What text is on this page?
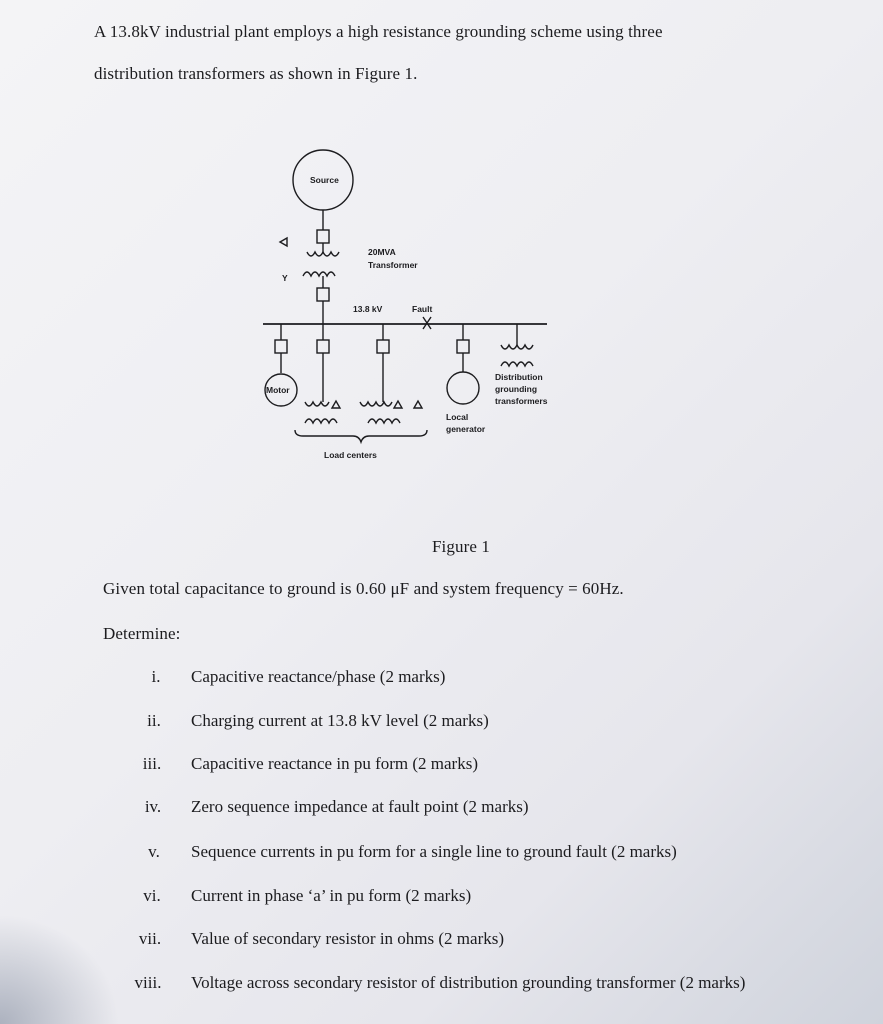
A 13.8kV industrial plant employs a high resistance grounding scheme using three
distribution transformers as shown in Figure 1.
Source
20MVA
Transformer
Y
13.8 kV	Fault
Motor
Distribution
grounding
transformers
Local
generator
Load centers
Figure 1
Given total capacitance to ground is 0.60 μF and system frequency = 60Hz.
Determine:
i.	Capacitive reactance/phase (2 marks)
ii.	Charging current at 13.8 kV level (2 marks)
iii.	Capacitive reactance in pu form (2 marks)
iv.	Zero sequence impedance at fault point (2 marks)
v.	Sequence currents in pu form for a single line to ground fault (2 marks)
vi.	Current in phase ‘a’ in pu form (2 marks)
vii.	Value of secondary resistor in ohms (2 marks)
viii.	Voltage across secondary resistor of distribution grounding transformer (2 marks)
